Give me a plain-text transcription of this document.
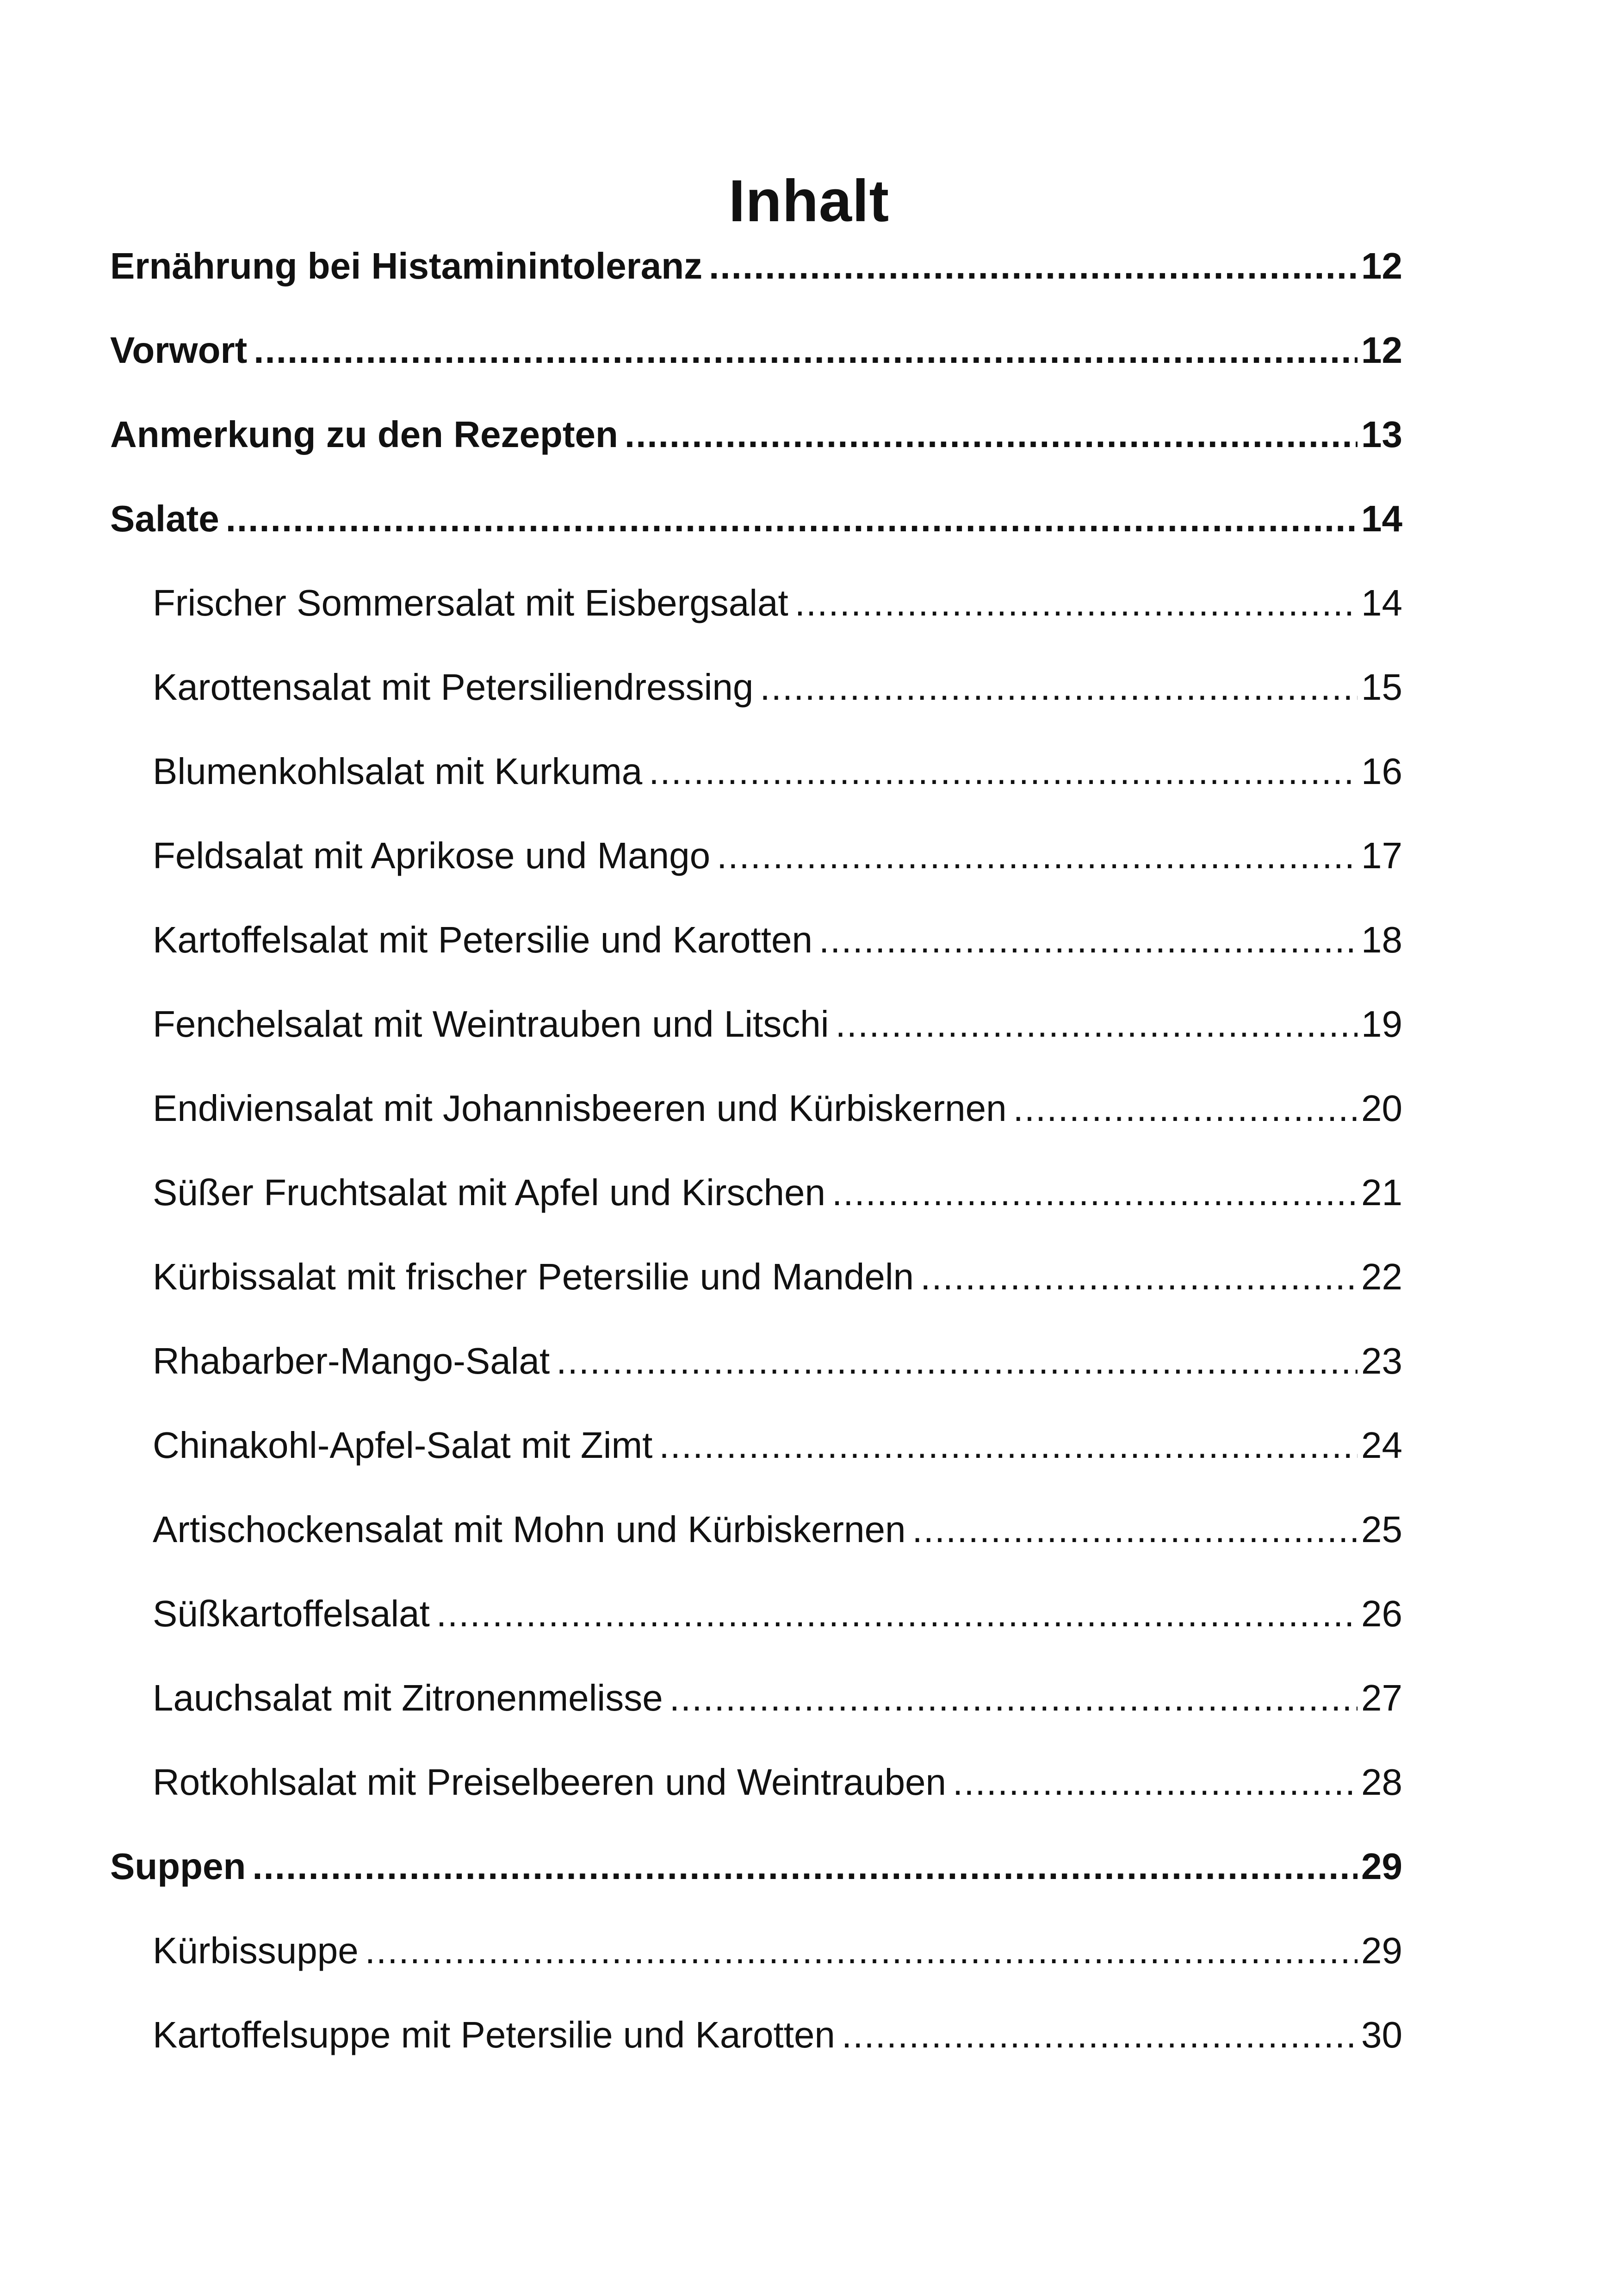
Inhalt
Ernährung bei Histaminintoleranz .....	12
Vorwort .....	12
Anmerkung zu den Rezepten .....	13
Salate .....	14
Frischer Sommersalat mit Eisbergsalat .....	14
Karottensalat mit Petersiliendressing .....	15
Blumenkohlsalat mit Kurkuma .....	16
Feldsalat mit Aprikose und Mango .....	17
Kartoffelsalat mit Petersilie und Karotten .....	18
Fenchelsalat mit Weintrauben und Litschi .....	19
Endiviensalat mit Johannisbeeren und Kürbiskernen .....	20
Süßer Fruchtsalat mit Apfel und Kirschen .....	21
Kürbissalat mit frischer Petersilie und Mandeln .....	22
Rhabarber-Mango-Salat .....	23
Chinakohl-Apfel-Salat mit Zimt .....	24
Artischockensalat mit Mohn und Kürbiskernen .....	25
Süßkartoffelsalat .....	26
Lauchsalat mit Zitronenmelisse .....	27
Rotkohlsalat mit Preiselbeeren und Weintrauben .....	28
Suppen .....	29
Kürbissuppe .....	29
Kartoffelsuppe mit Petersilie und Karotten .....	30
